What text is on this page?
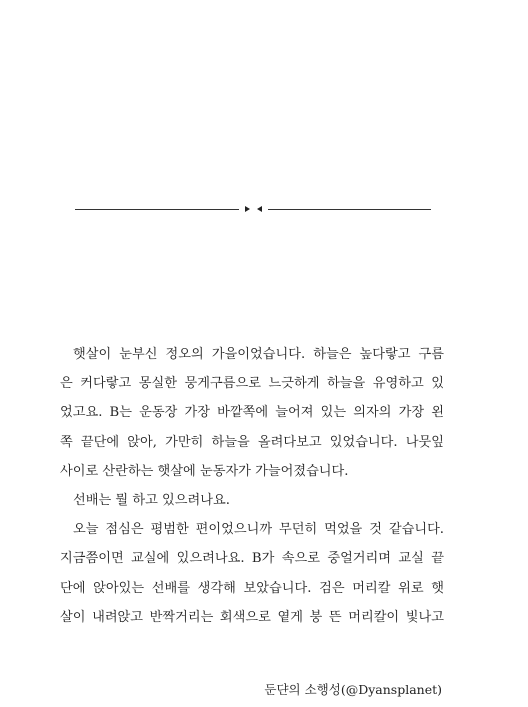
햇살이 눈부신 정오의 가을이었습니다. 하늘은 높다랗고 구름
은 커다랗고 몽실한 뭉게구름으로 느긋하게 하늘을 유영하고 있
었고요. B는 운동장 가장 바깥쪽에 늘어져 있는 의자의 가장 왼
쪽 끝단에 앉아, 가만히 하늘을 올려다보고 있었습니다. 나뭇잎
사이로 산란하는 햇살에 눈동자가 가늘어졌습니다.
선배는 뭘 하고 있으려나요.
오늘 점심은 평범한 편이었으니까 무던히 먹었을 것 같습니다.
지금쯤이면 교실에 있으려나요. B가 속으로 중얼거리며 교실 끝
단에 앉아있는 선배를 생각해 보았습니다. 검은 머리칼 위로 햇
살이 내려앉고 반짝거리는 회색으로 옅게 붕 뜬 머리칼이 빛나고
둔댠의 소행성(@Dyansplanet)
